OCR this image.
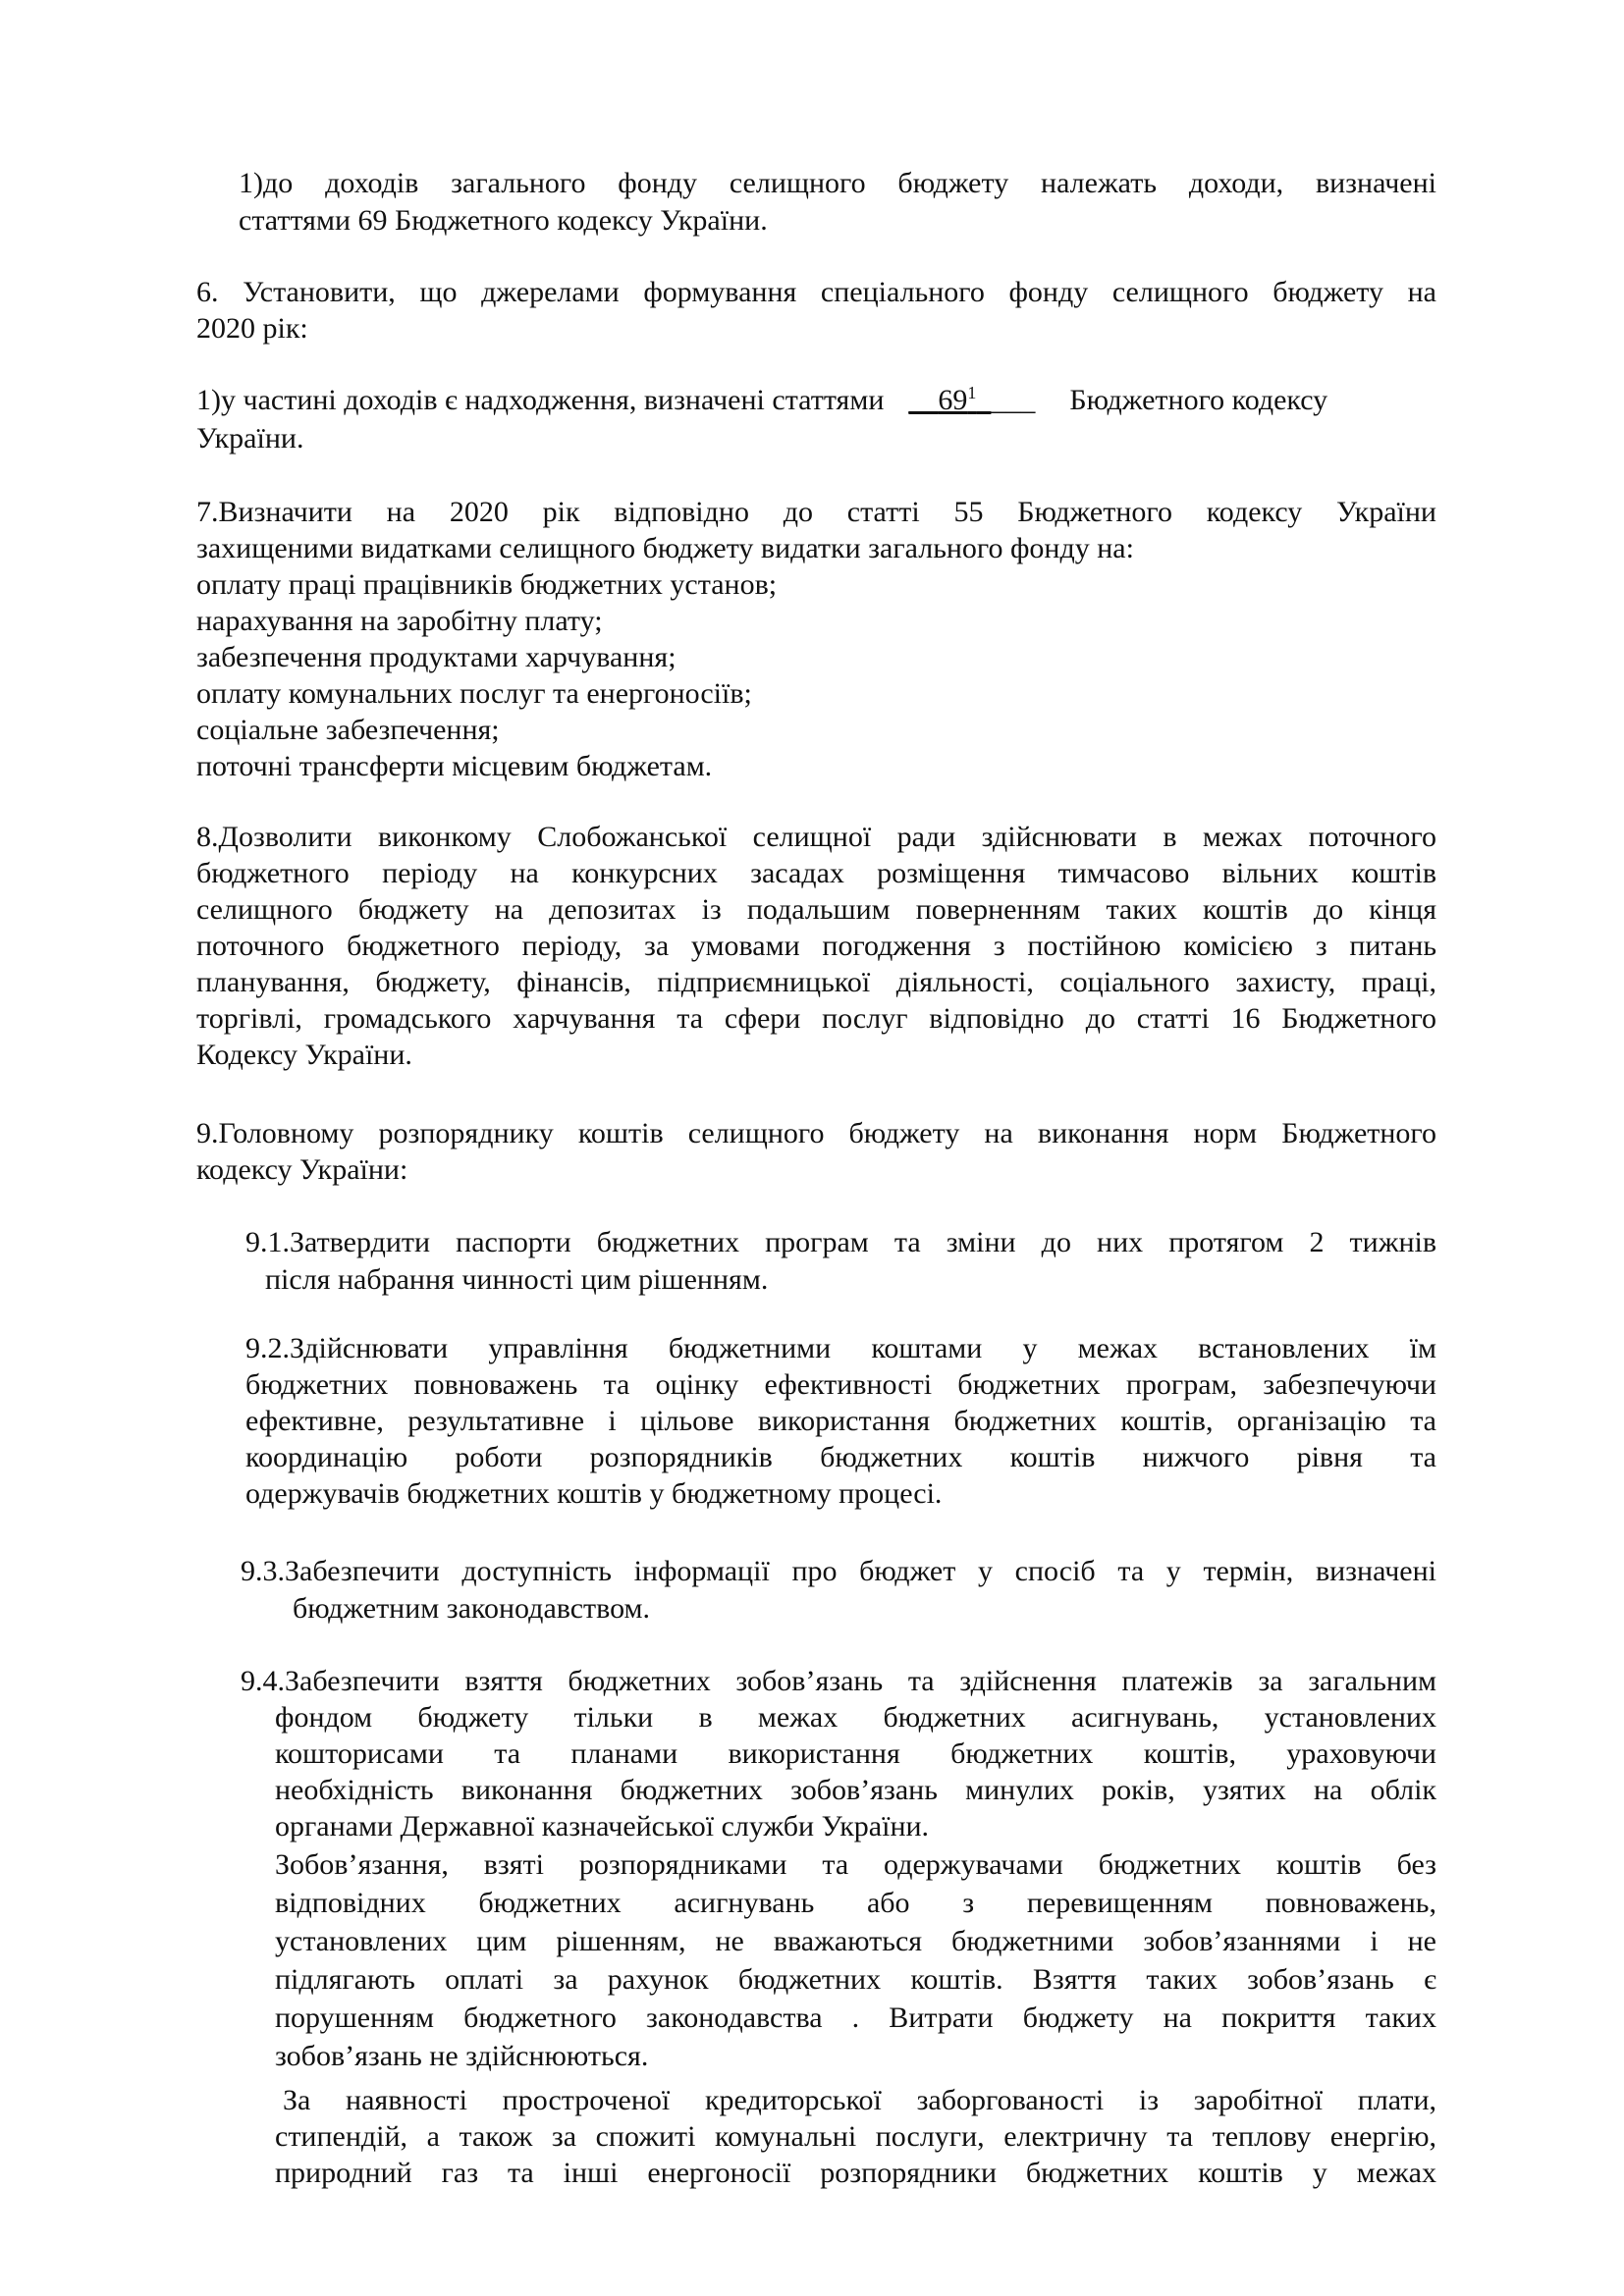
1)до доходів загального фонду селищного бюджету належать доходи, визначені
статтями 69 Бюджетного кодексу України.
6. Установити, що джерелами формування спеціального фонду селищного бюджету на
2020 рік:
1)у частині доходів є надходження, визначені статтями $\_\_69^1\_\_\_\_$ Бюджетного кодексу
України.
7.Визначити на 2020 рік відповідно до статті 55 Бюджетного кодексу України
захищеними видатками селищного бюджету видатки загального фонду на:
оплату праці працівників бюджетних установ;
нарахування на заробітну плату;
забезпечення продуктами харчування;
оплату комунальних послуг та енергоносіїв;
соціальне забезпечення;
поточні трансферти місцевим бюджетам.
8.Дозволити виконкому Слобожанської селищної ради здійснювати в межах поточного
бюджетного періоду на конкурсних засадах розміщення тимчасово вільних коштів
селищного бюджету на депозитах із подальшим поверненням таких коштів до кінця
поточного бюджетного періоду, за умовами погодження з постійною комісією з питань
планування, бюджету, фінансів, підприємницької діяльності, соціального захисту, праці,
торгівлі, громадського харчування та сфери послуг відповідно до статті 16 Бюджетного
Кодексу України.
9.Головному розпоряднику коштів селищного бюджету на виконання норм Бюджетного
кодексу України:
9.1.Затвердити паспорти бюджетних програм та зміни до них протягом 2 тижнів
після набрання чинності цим рішенням.
9.2.Здійснювати управління бюджетними коштами у межах встановлених їм
бюджетних повноважень та оцінку ефективності бюджетних програм, забезпечуючи
ефективне, результативне і цільове використання бюджетних коштів, організацію та
координацію роботи розпорядників бюджетних коштів нижчого рівня та
одержувачів бюджетних коштів у бюджетному процесі.
9.3.Забезпечити доступність інформації про бюджет у спосіб та у термін, визначені
бюджетним законодавством.
9.4.Забезпечити взяття бюджетних зобов’язань та здійснення платежів за загальним
фондом бюджету тільки в межах бюджетних асигнувань, установлених
кошторисами та планами використання бюджетних коштів, ураховуючи
необхідність виконання бюджетних зобов’язань минулих років, узятих на облік
органами Державної казначейської служби України.
Зобов’язання, взяті розпорядниками та одержувачами бюджетних коштів без
відповідних бюджетних асигнувань або з перевищенням повноважень,
установлених цим рішенням, не вважаються бюджетними зобов’язаннями і не
підлягають оплаті за рахунок бюджетних коштів. Взяття таких зобов’язань є
порушенням бюджетного законодавства . Витрати бюджету на покриття таких
зобов’язань не здійснюються.
За наявності простроченої кредиторської заборгованості із заробітної плати,
стипендій, а також за спожиті комунальні послуги, електричну та теплову енергію,
природний газ та інші енергоносії розпорядники бюджетних коштів у межах
